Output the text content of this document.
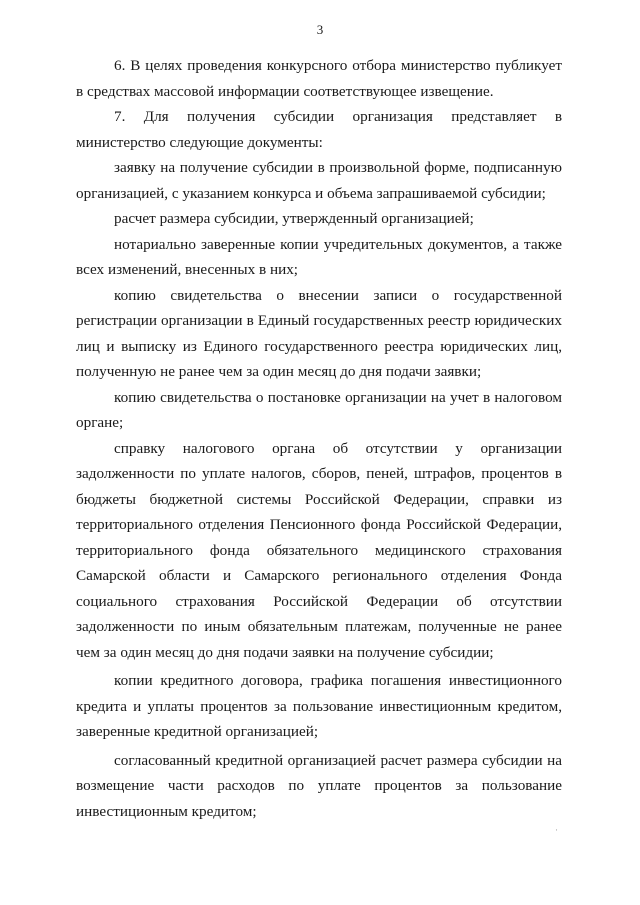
3

6. В целях проведения конкурсного отбора министерство публикует в средствах массовой информации соответствующее извещение.

7. Для получения субсидии организация представляет в министерство следующие документы:

заявку на получение субсидии в произвольной форме, подписанную организацией, с указанием конкурса и объема запрашиваемой субсидии;

расчет размера субсидии, утвержденный организацией;

нотариально заверенные копии учредительных документов, а также всех изменений, внесенных в них;

копию свидетельства о внесении записи о государственной регистрации организации в Единый государственных реестр юридических лиц и выписку из Единого государственного реестра юридических лиц, полученную не ранее чем за один месяц до дня подачи заявки;

копию свидетельства о постановке организации на учет в налоговом органе;

справку налогового органа об отсутствии у организации задолженности по уплате налогов, сборов, пеней, штрафов, процентов в бюджеты бюджетной системы Российской Федерации, справки из территориального отделения Пенсионного фонда Российской Федерации, территориального фонда обязательного медицинского страхования Самарской области и Самарского регионального отделения Фонда социального страхования Российской Федерации об отсутствии задолженности по иным обязательным платежам, полученные не ранее чем за один месяц до дня подачи заявки на получение субсидии;

копии кредитного договора, графика погашения инвестиционного кредита и уплаты процентов за пользование инвестиционным кредитом, заверенные кредитной организацией;

согласованный кредитной организацией расчет размера субсидии на возмещение части расходов по уплате процентов за пользование инвестиционным кредитом;

·
